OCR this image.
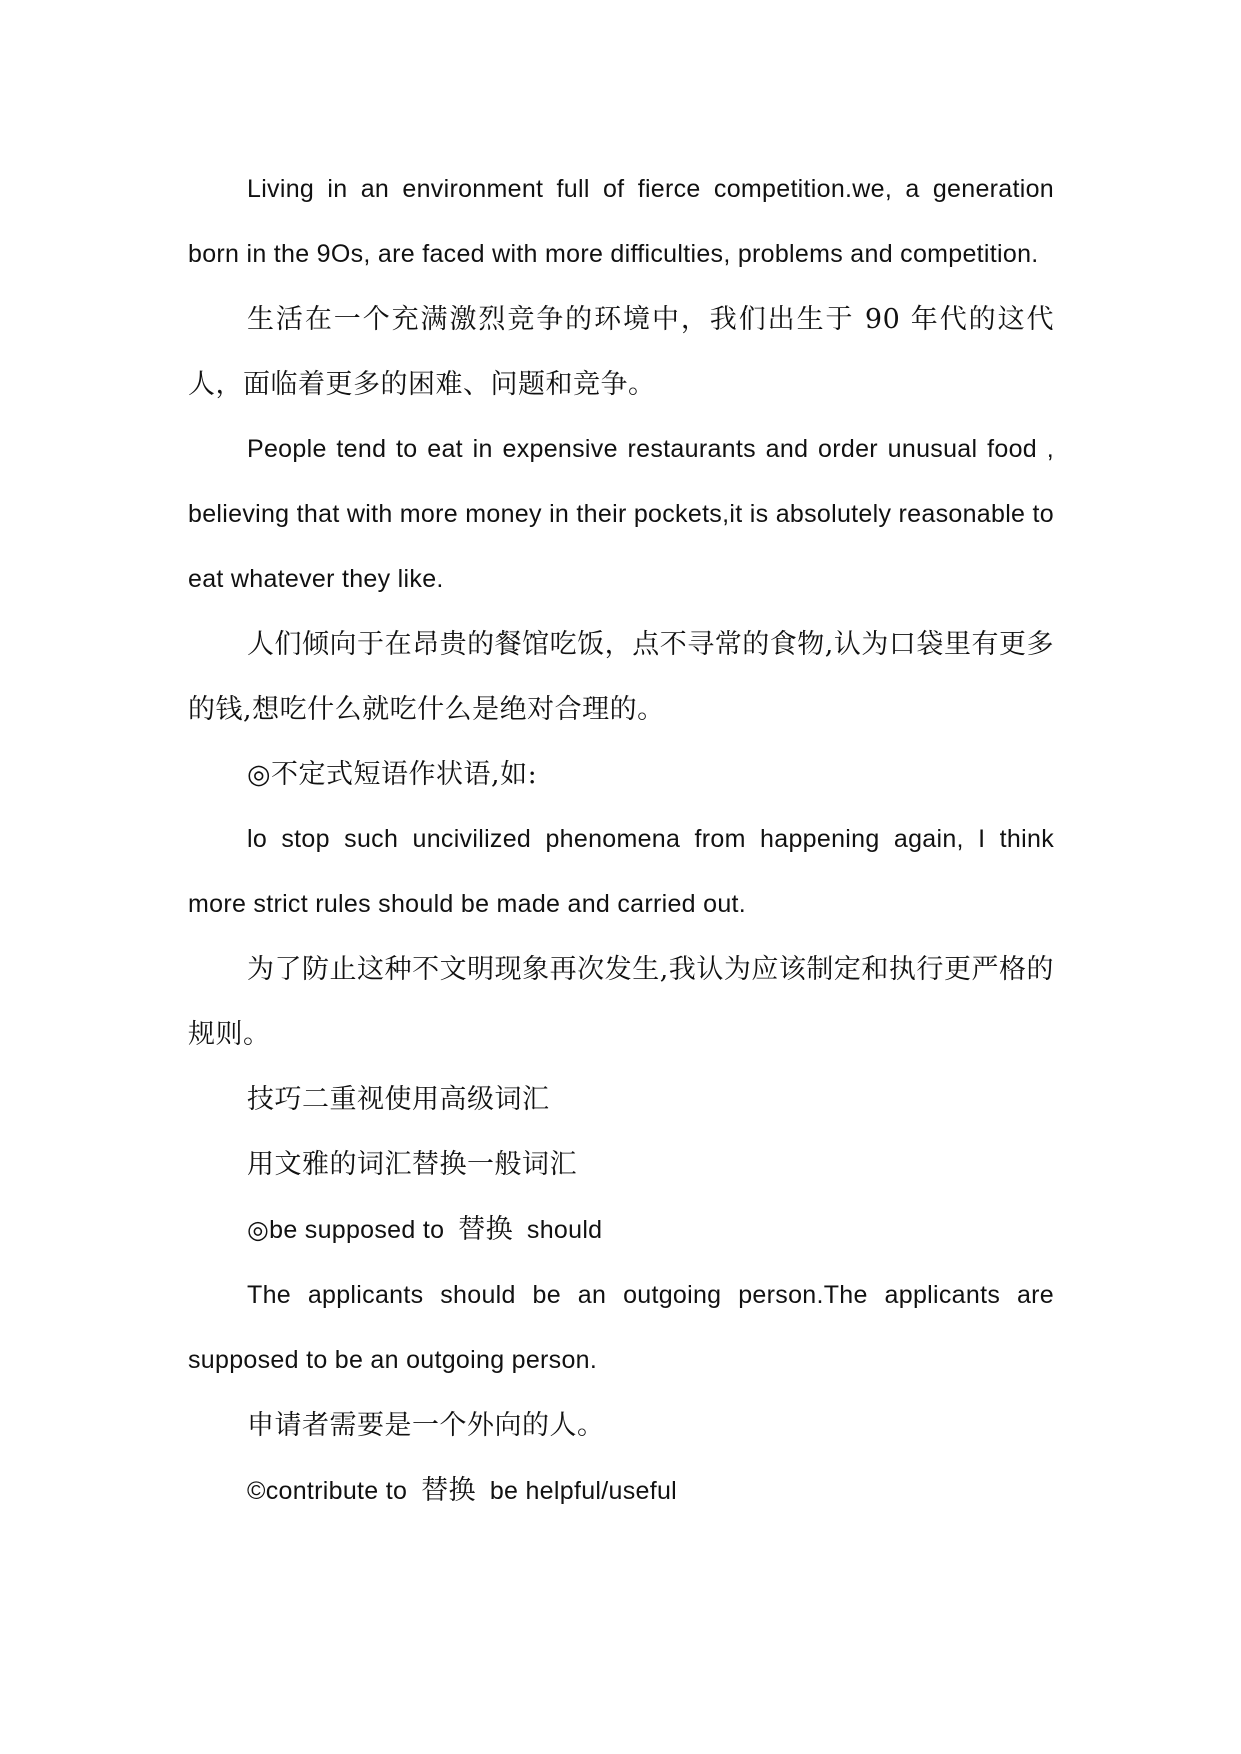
Living in an environment full of fierce competition.we, a generation born in the 9Os, are faced with more difficulties, problems and competition.

生活在一个充满激烈竞争的环境中，我们出生于 90 年代的这代人，面临着更多的困难、问题和竞争。

People tend to eat in expensive restaurants and order unusual food , believing that with more money in their pockets,it is absolutely reasonable to eat whatever they like.

人们倾向于在昂贵的餐馆吃饭，点不寻常的食物,认为口袋里有更多的钱,想吃什么就吃什么是绝对合理的。

◎不定式短语作状语,如:

lo stop such uncivilized phenomena from happening again, I think more strict rules should be made and carried out.

为了防止这种不文明现象再次发生,我认为应该制定和执行更严格的规则。

技巧二重视使用高级词汇

用文雅的词汇替换一般词汇

◎be supposed to 替换 should

The applicants should be an outgoing person.The applicants are supposed to be an outgoing person.

申请者需要是一个外向的人。

©contribute to 替换 be helpful/useful
